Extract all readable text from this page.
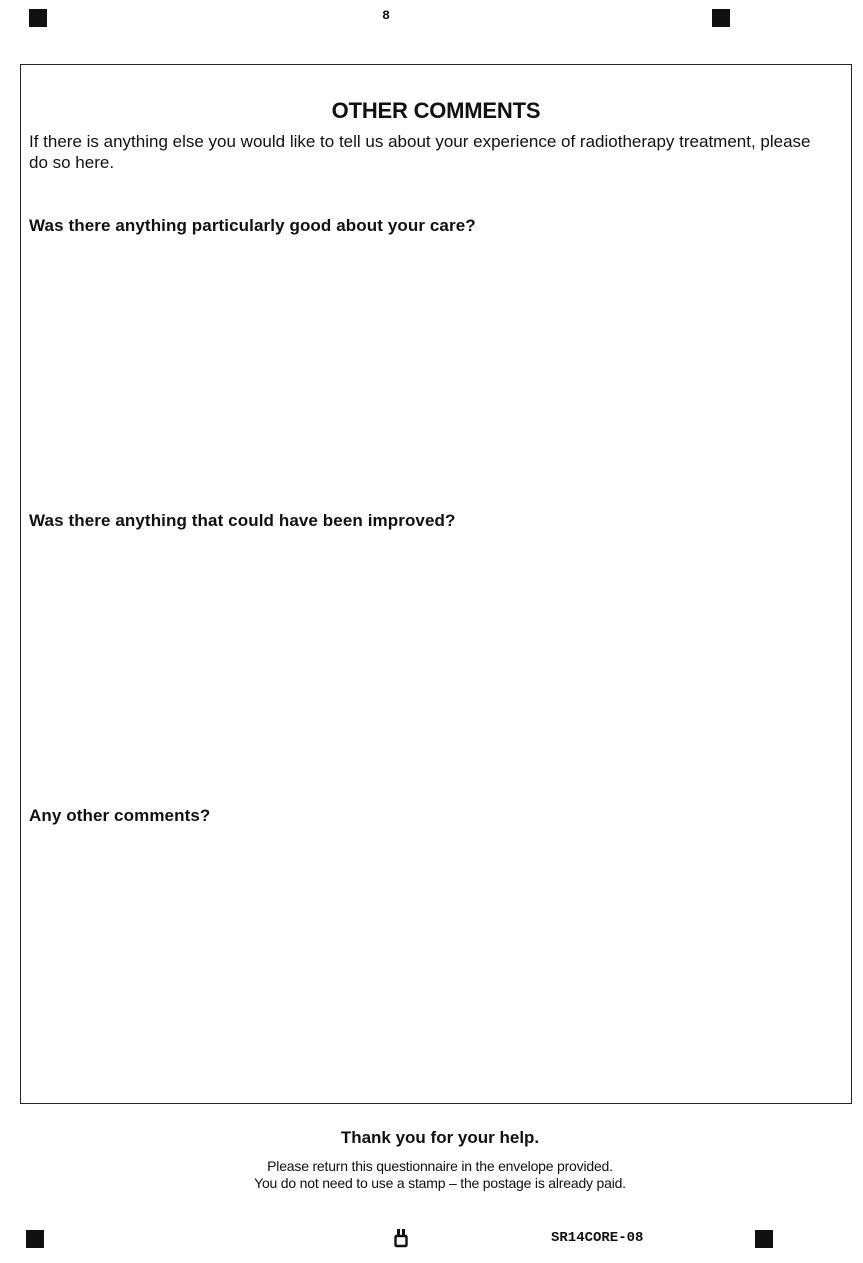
8
OTHER COMMENTS
If there is anything else you would like to tell us about your experience of radiotherapy treatment, please do so here.
Was there anything particularly good about your care?
Was there anything that could have been improved?
Any other comments?
Thank you for your help.
Please return this questionnaire in the envelope provided.
You do not need to use a stamp – the postage is already paid.
SR14CORE-08
